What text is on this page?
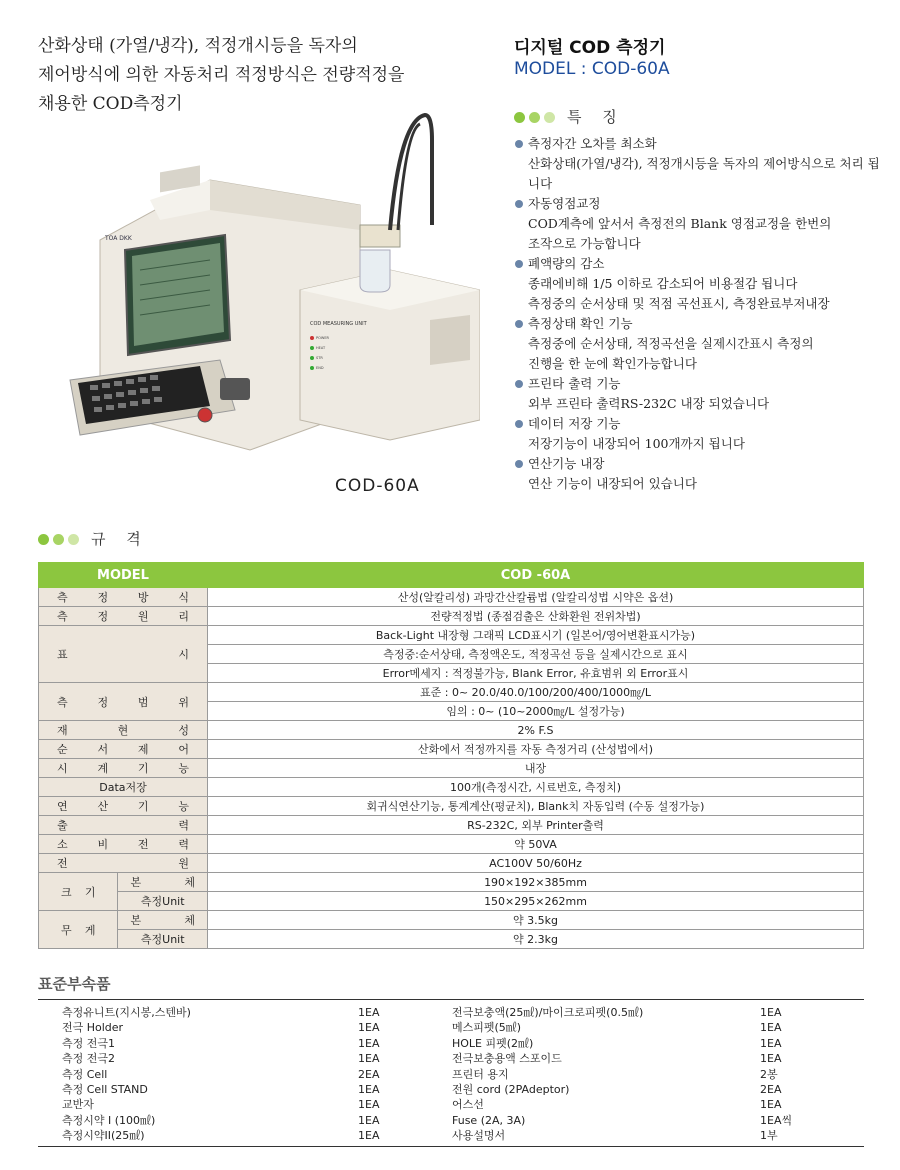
산화상태 (가열/냉각), 적정개시등을 독자의
제어방식에 의한 자동처리 적정방식은 전량적정을
채용한 COD측정기
디지털 COD 측정기
MODEL : COD-60A
특 징
측정자간 오차를 최소화
산화상태(가열/냉각), 적정개시등을 독자의 제어방식으로 처리 됩니다
자동영점교정
COD계측에 앞서서 측정전의 Blank 영점교정을 한번의
조작으로 가능합니다
폐액량의 감소
종래에비해 1/5 이하로 감소되어 비용절감 됩니다
측정중의 순서상태 및 적점 곡선표시, 측정완료부저내장
측정상태 확인 기능
측정중에 순서상태, 적정곡선을 실제시간표시 측정의
진행을 한 눈에 확인가능합니다
프린타 출력 기능
외부 프린타 출력RS-232C 내장 되었습니다
데이터 저장 기능
저장기능이 내장되어 100개까지 됩니다
연산기능 내장
연산 기능이 내장되어 있습니다
TOA DKK
COD MEASURING UNIT
POWER
HEAT
STR
END
COD-60A
규 격
MODEL		COD -60A

측 정 방 식		산성(알칼리성) 과망간산칼륨법 (알칼리성법 시약은 옵션)

측 정 원 리		전량적정법 (종점검출은 산화환원 전위차법)

표 시		Back-Light 내장형 그래픽 LCD표시기 (일본어/영어변환표시가능)
		측정중:순서상태, 측정액온도, 적정곡선 등을 실제시간으로 표시
		Error메세지 : 적정불가능, Blank Error, 유효범위 외 Error표시

측 정 범 위		표준 : 0~ 20.0/40.0/100/200/400/1000㎎/L
		임의 : 0~ (10~2000㎎/L 설정가능)

재 현 성		2% F.S

순 서 제 어		산화에서 적정까지를 자동 측정거리 (산성법에서)

시 계 기 능		내장
Data저장		100개(측정시간, 시료번호, 측정치)

연 산 기 능		회귀식연산기능, 통계계산(평균치), Blank치 자동입력 (수동 설정가능)

출 력		RS-232C, 외부 Printer출력

소 비 전 력		약 50VA

전 원		AC100V 50/60Hz

크 기	본 체	190×192×385mm
	측정Unit	150×295×262mm

무 게	본 체	약 3.5kg
	측정Unit	약 2.3kg
표준부속품
측정유니트(지시봉,스텐바)	1EA	전극보충액(25㎖)/마이크로피펫(0.5㎖)	1EA
전극 Holder	1EA	메스피펫(5㎖)	1EA
측정 전극1	1EA	HOLE 피펫(2㎖)	1EA
측정 전극2	1EA	전극보충용액 스포이드	1EA
측정 Cell	2EA	프린터 용지	2봉
측정 Cell STAND	1EA	전원 cord (2PAdeptor)	2EA
교반자	1EA	어스선	1EA
측정시약 I (100㎖)	1EA	Fuse (2A, 3A)	1EA씩
측정시약II(25㎖)	1EA	사용설명서	1부
